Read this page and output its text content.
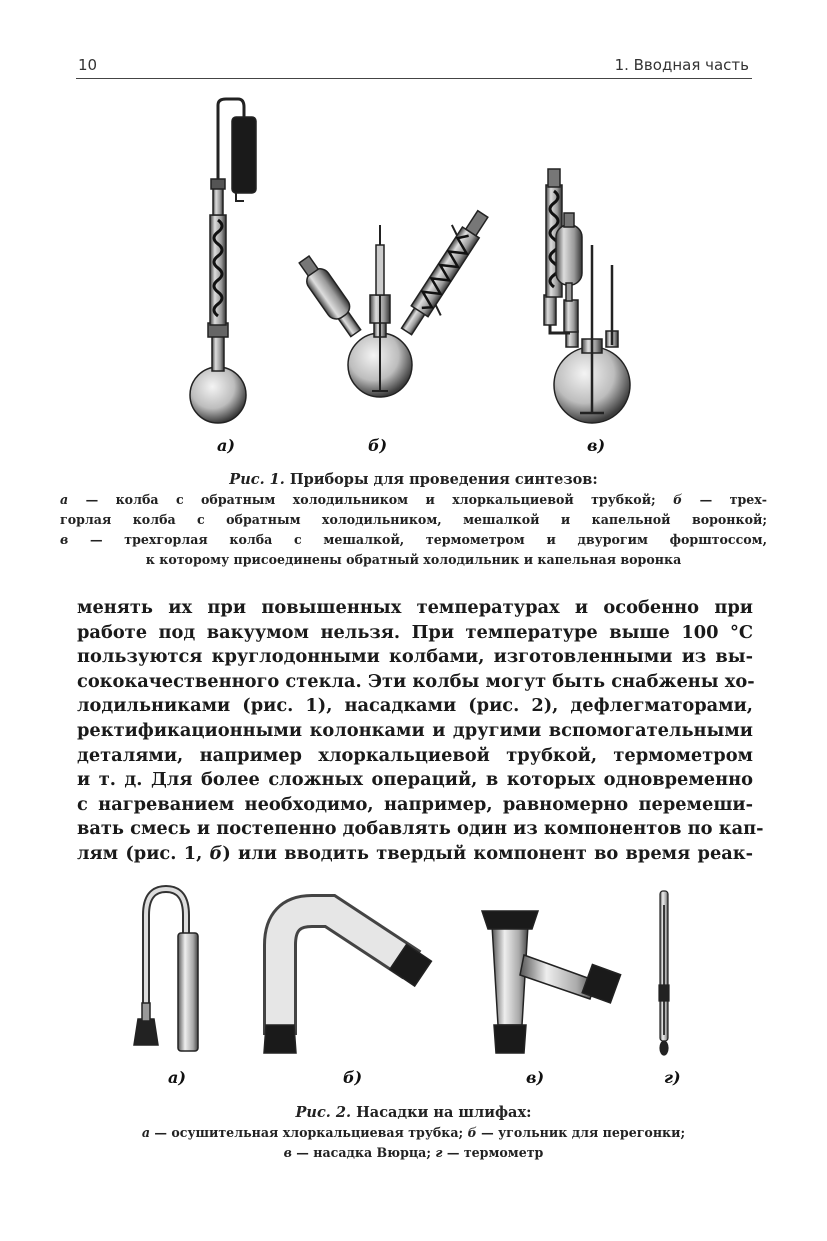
10	1. Вводная часть
а)	б)	в)
Рис. 1. Приборы для проведения синтезов:
а — колба с обратным холодильником и хлоркальциевой трубкой; б — трех-
горлая колба с обратным холодильником, мешалкой и капельной воронкой;
в — трехгорлая колба с мешалкой, термометром и двурогим форштоссом,
к которому присоединены обратный холодильник и капельная воронка
менять их при повышенных температурах и особенно при
работе под вакуумом нельзя. При температуре выше 100 °C
пользуются круглодонными колбами, изготовленными из вы-
сококачественного стекла. Эти колбы могут быть снабжены хо-
лодильниками (рис. 1), насадками (рис. 2), дефлегматорами,
ректификационными колонками и другими вспомогательными
деталями, например хлоркальциевой трубкой, термометром
и т. д. Для более сложных операций, в которых одновременно
с нагреванием необходимо, например, равномерно перемеши-
вать смесь и постепенно добавлять один из компонентов по кап-
лям (рис. 1, б) или вводить твердый компонент во время реак-
а)	б)	в)	г)
Рис. 2. Насадки на шлифах:
а — осушительная хлоркальциевая трубка; б — угольник для перегонки;
в — насадка Вюрца; г — термометр
